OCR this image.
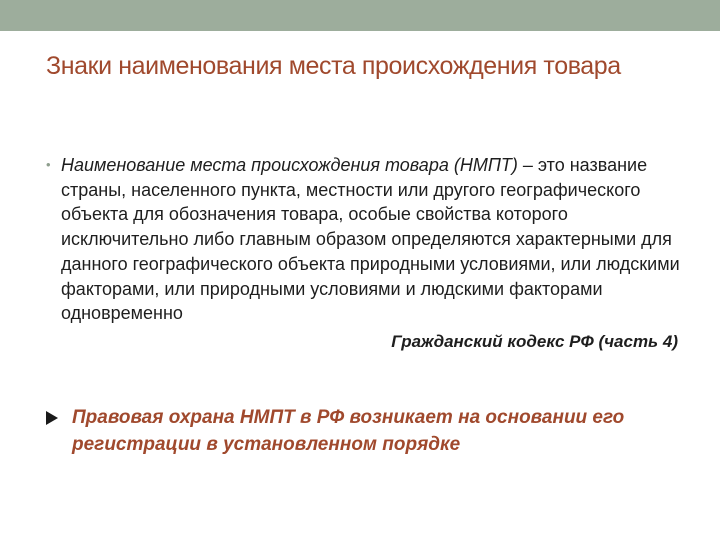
Знаки наименования места происхождения товара
• Наименование места происхождения товара (НМПТ) – это название страны, населенного пункта, местности или другого географического объекта для обозначения товара, особые свойства которого исключительно либо главным образом определяются характерными для данного географического объекта природными условиями, или людскими факторами, или природными условиями и людскими факторами одновременно
Гражданский кодекс РФ (часть 4)
Правовая охрана НМПТ в РФ возникает на основании его регистрации в установленном порядке
